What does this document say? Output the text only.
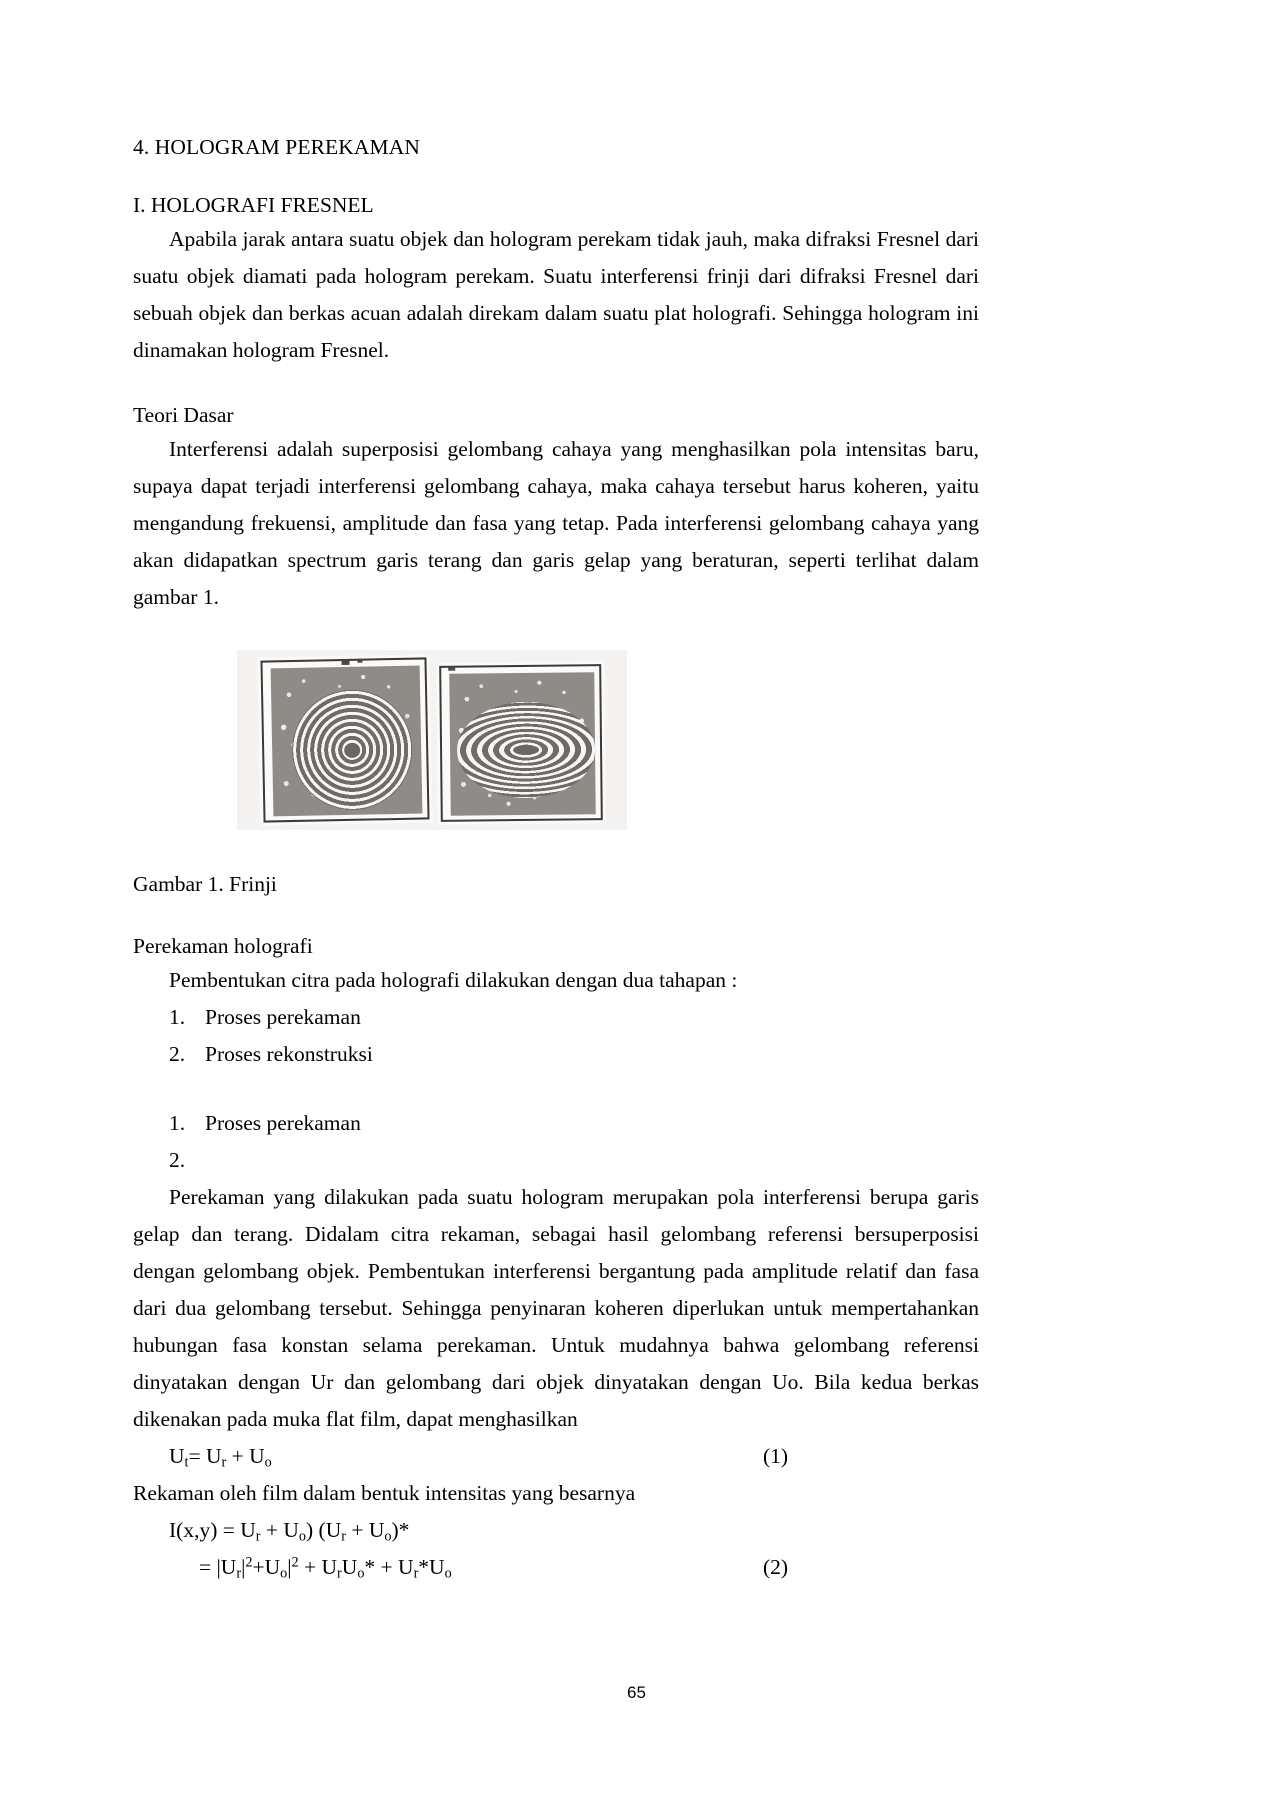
4. HOLOGRAM PEREKAMAN
I. HOLOGRAFI FRESNEL

Apabila jarak antara suatu objek dan hologram perekam tidak jauh, maka difraksi Fresnel dari suatu objek diamati pada hologram perekam. Suatu interferensi frinji dari difraksi Fresnel dari sebuah objek dan berkas acuan adalah direkam dalam suatu plat holografi. Sehingga hologram ini dinamakan hologram Fresnel.

Teori Dasar

Interferensi adalah superposisi gelombang cahaya yang menghasilkan pola intensitas baru, supaya dapat terjadi interferensi gelombang cahaya, maka cahaya tersebut harus koheren, yaitu mengandung frekuensi, amplitude dan fasa yang tetap. Pada interferensi gelombang cahaya yang akan didapatkan spectrum garis terang dan garis gelap yang beraturan, seperti terlihat dalam gambar 1.

Gambar 1. Frinji
Perekaman holografi

Pembentukan citra pada holografi dilakukan dengan dua tahapan :

1. Proses perekaman
2. Proses rekonstruksi
1. Proses perekaman
2.

Perekaman yang dilakukan pada suatu hologram merupakan pola interferensi berupa garis gelap dan terang. Didalam citra rekaman, sebagai hasil gelombang referensi bersuperposisi dengan gelombang objek. Pembentukan interferensi bergantung pada amplitude relatif dan fasa dari dua gelombang tersebut. Sehingga penyinaran koheren diperlukan untuk mempertahankan hubungan fasa konstan selama perekaman. Untuk mudahnya bahwa gelombang referensi dinyatakan dengan Ur dan gelombang dari objek dinyatakan dengan Uo. Bila kedua berkas dikenakan pada muka flat film, dapat menghasilkan

$U_t= U_r + U_o$	(1)

Rekaman oleh film dalam bentuk intensitas yang besarnya

$I(x,y) = U_r + U_o$) $(U_r + U_o)*$
= $|U_r|^2+U_o|^2 + U_rU_o* + U_r*U_o$	(2)
65
